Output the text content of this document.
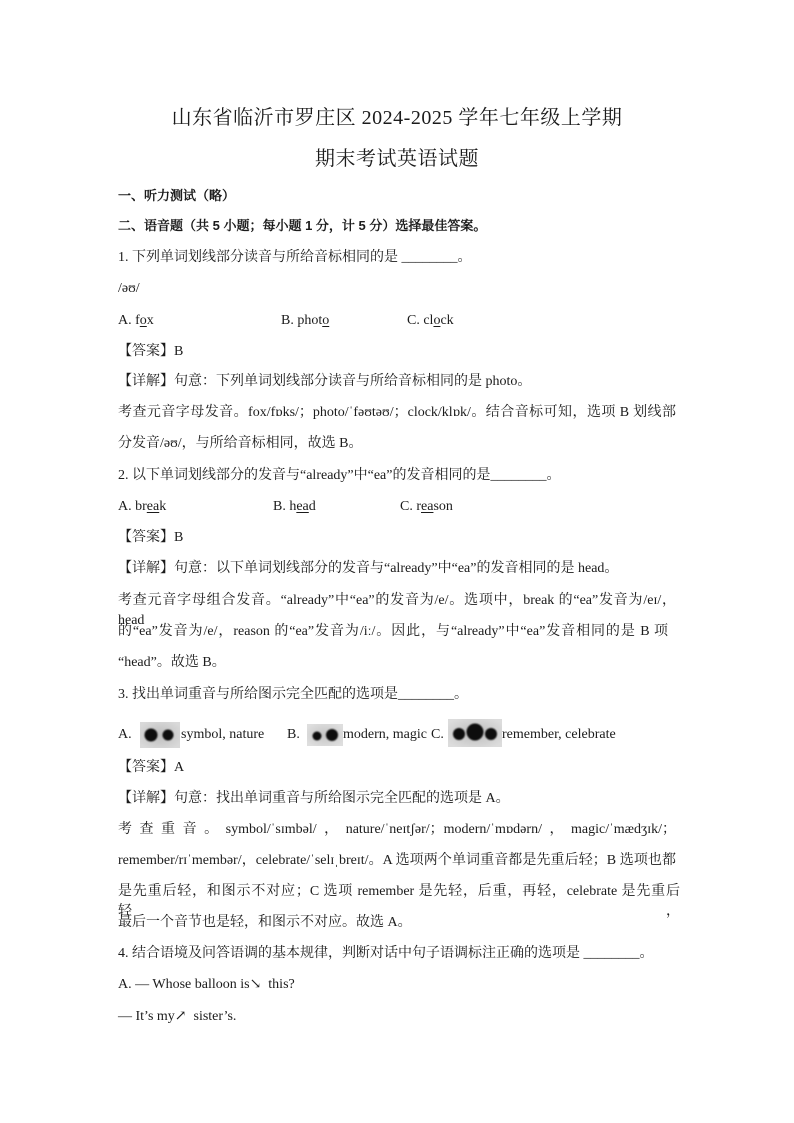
山东省临沂市罗庄区 2024-2025 学年七年级上学期
期末考试英语试题
一、听力测试（略）
二、语音题（共 5 小题；每小题 1 分，计 5 分）选择最佳答案。
1. 下列单词划线部分读音与所给音标相同的是 ________。
/əʊ/

A. fox

	B. photo

	C. clock

【答案】B
【详解】句意：下列单词划线部分读音与所给音标相同的是 photo。
考查元音字母发音。fox/fɒks/；photo/ˈfəʊtəʊ/；clock/klɒk/。结合音标可知，选项 B 划线部
分发音/əʊ/，与所给音标相同，故选 B。
2. 以下单词划线部分的发音与“already”中“ea”的发音相同的是________。

A. break

	B. head

	C. reason

【答案】B
【详解】句意：以下单词划线部分的发音与“already”中“ea”的发音相同的是 head。
考查元音字母组合发音。“already”中“ea”的发音为/e/。选项中，break 的“ea”发音为/eɪ/，head
的“ea”发音为/e/，reason 的“ea”发音为/iː/。因此，与“already”中“ea”发音相同的是 B 项
“head”。故选 B。
3. 找出单词重音与所给图示完全匹配的选项是________。

A.

	symbol, nature

B.

	modern, magic

C.

	remember, celebrate

【答案】A
【详解】句意：找出单词重音与所给图示完全匹配的选项是 A。
考查重音。symbol/ˈsɪmbəl/，nature/ˈneɪtʃər/；modern/ˈmɒdərn/，magic/ˈmædʒɪk/；
remember/rɪˈmembər/，celebrate/ˈselɪˌbreɪt/。A 选项两个单词重音都是先重后轻；B 选项也都
是先重后轻，和图示不对应；C 选项 remember 是先轻，后重，再轻，celebrate 是先重后轻，
最后一个音节也是轻，和图示不对应。故选 A。
4. 结合语境及问答语调的基本规律，判断对话中句子语调标注正确的选项是 ________。
A. — Whose balloon is↘  this?
— It’s my↗  sister’s.
